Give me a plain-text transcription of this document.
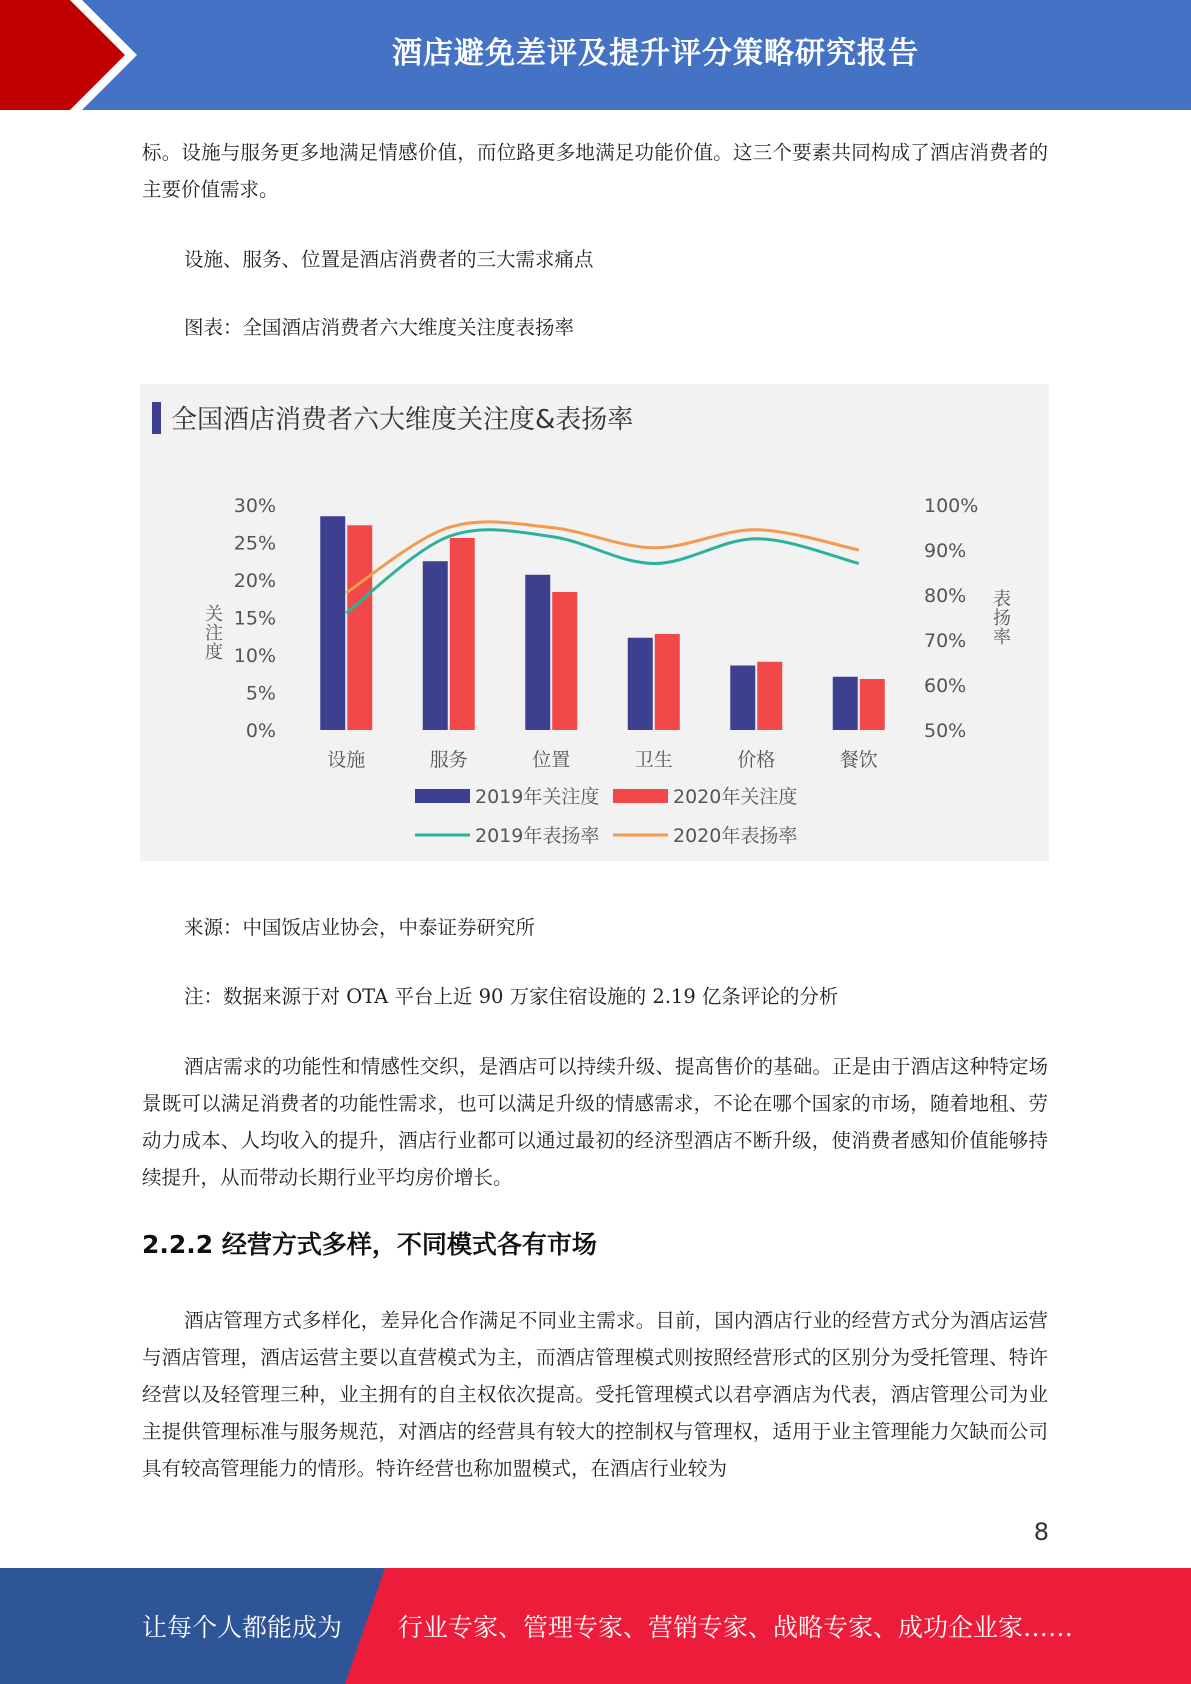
酒店避免差评及提升评分策略研究报告

标。设施与服务更多地满足情感价值，而位路更多地满足功能价值。这三个要素共同构成了酒店消费者的主要价值需求。

设施、服务、位置是酒店消费者的三大需求痛点

图表：全国酒店消费者六大维度关注度表扬率

全国酒店消费者六大维度关注度&表扬率
0%
5%
10%
15%
20%
25%
30%
50%
60%
70%
80%
90%
100%
关
注
度
表
扬
率
设施	服务	位置	卫生	价格	餐饮
2019年关注度	2020年关注度
2019年表扬率	2020年表扬率

来源：中国饭店业协会，中泰证券研究所

注：数据来源于对 OTA 平台上近 90 万家住宿设施的 2.19 亿条评论的分析

酒店需求的功能性和情感性交织，是酒店可以持续升级、提高售价的基础。正是由于酒店这种特定场景既可以满足消费者的功能性需求，也可以满足升级的情感需求，不论在哪个国家的市场，随着地租、劳动力成本、人均收入的提升，酒店行业都可以通过最初的经济型酒店不断升级，使消费者感知价值能够持续提升，从而带动长期行业平均房价增长。

2.2.2 经营方式多样，不同模式各有市场

酒店管理方式多样化，差异化合作满足不同业主需求。目前，国内酒店行业的经营方式分为酒店运营与酒店管理，酒店运营主要以直营模式为主，而酒店管理模式则按照经营形式的区别分为受托管理、特许经营以及轻管理三种，业主拥有的自主权依次提高。受托管理模式以君亭酒店为代表，酒店管理公司为业主提供管理标准与服务规范，对酒店的经营具有较大的控制权与管理权，适用于业主管理能力欠缺而公司具有较高管理能力的情形。特许经营也称加盟模式，在酒店行业较为

8
让每个人都能成为 行业专家、管理专家、营销专家、战略专家、成功企业家……
